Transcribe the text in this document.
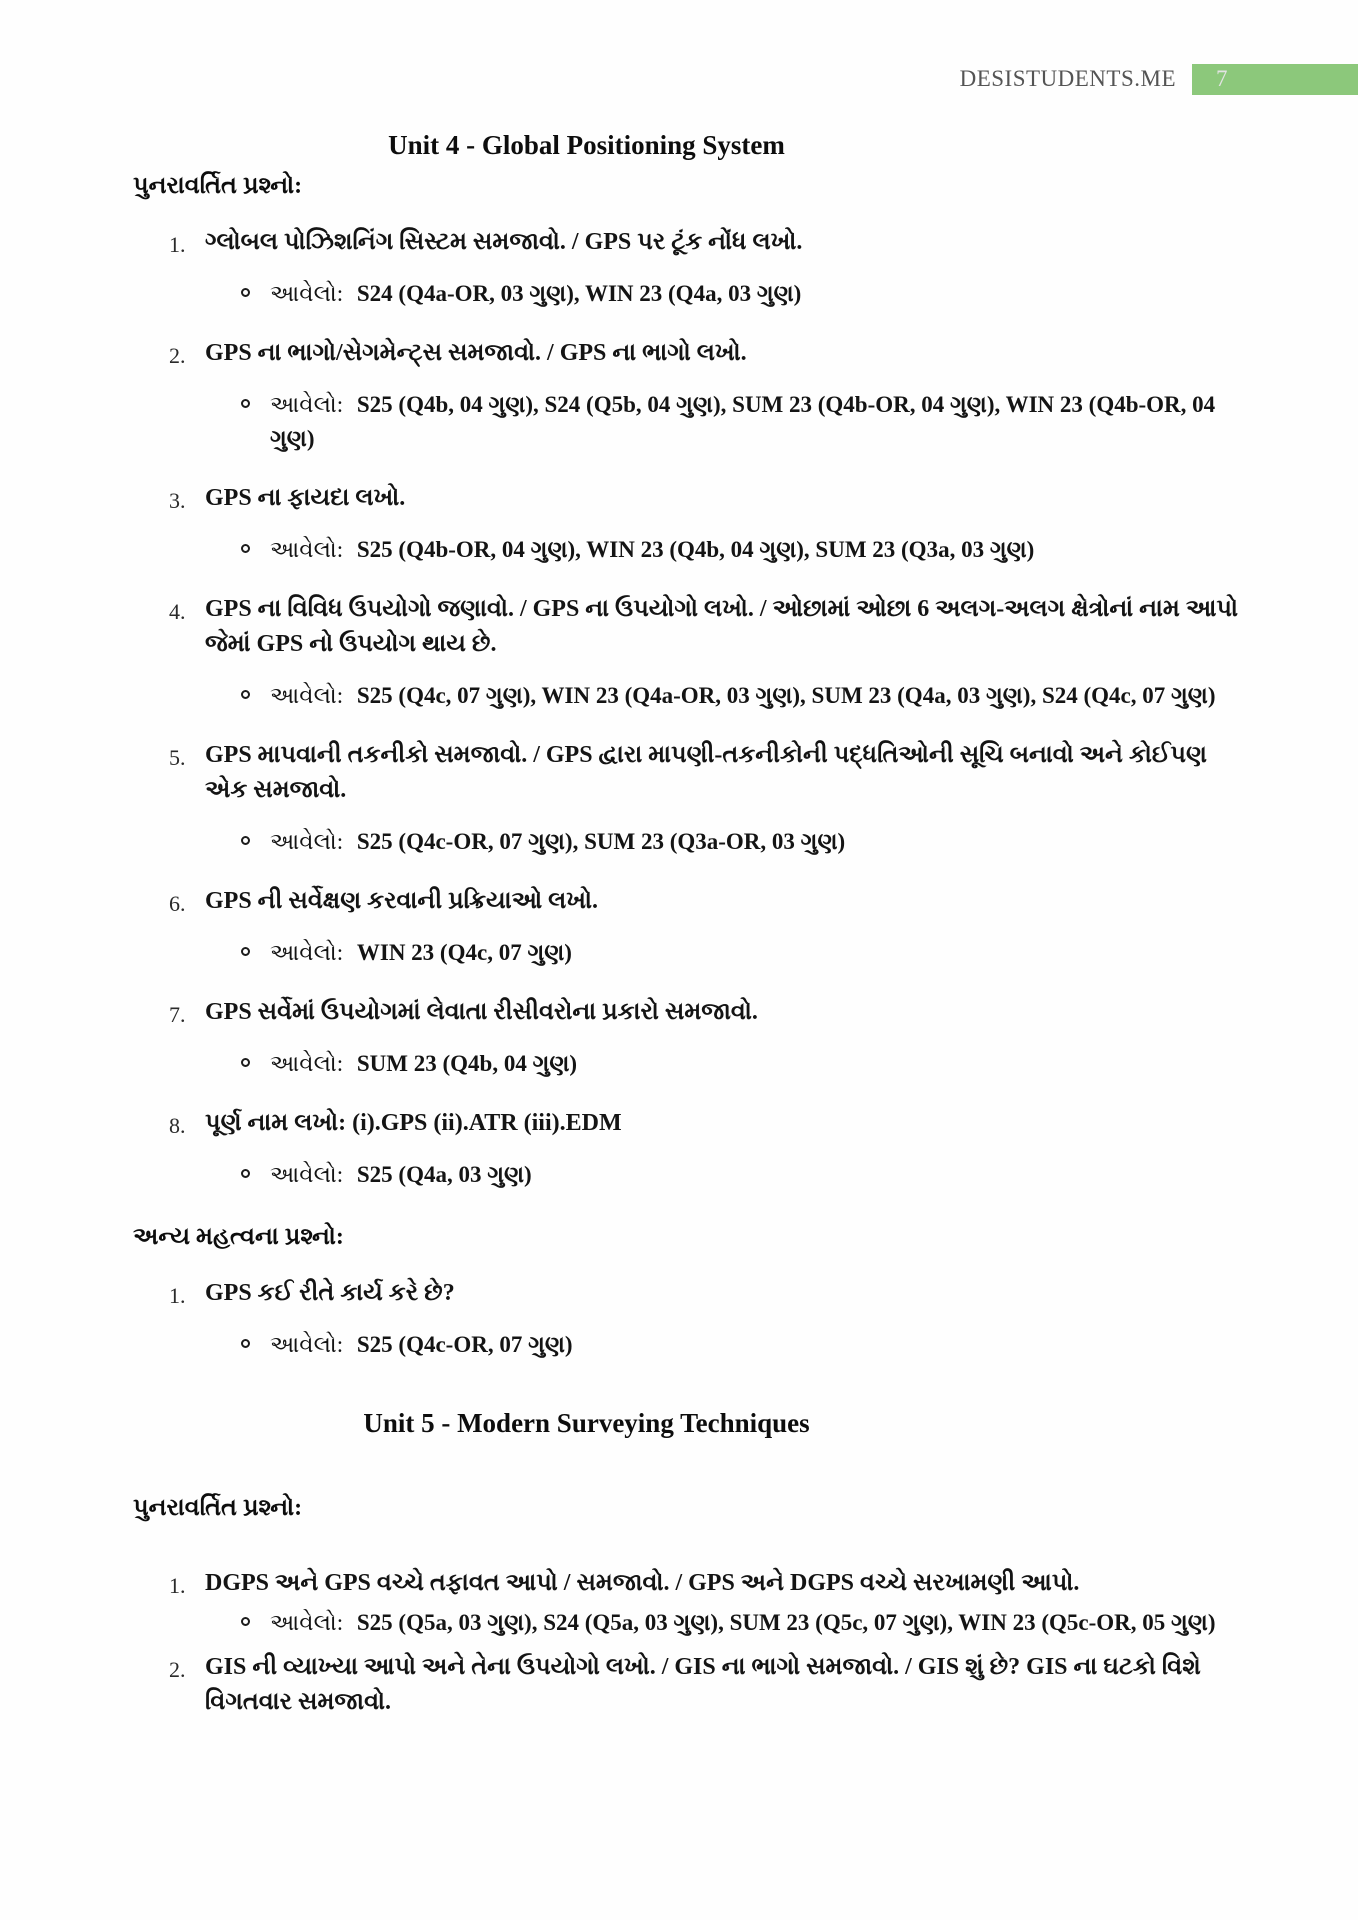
DESISTUDENTS.ME	7
Unit 4 - Global Positioning System
પુનરાવર્તિત પ્રશ્નો:
1. ગ્લોબલ પોઝિશનિંગ સિસ્ટમ સમજાવો. / GPS પર ટૂંક નોંધ લખો.
આવેલો: S24 (Q4a-OR, 03 ગુણ), WIN 23 (Q4a, 03 ગુણ)
2. GPS ના ભાગો/સેગમેન્ટ્સ સમજાવો. / GPS ના ભાગો લખો.
આવેલો: S25 (Q4b, 04 ગુણ), S24 (Q5b, 04 ગુણ), SUM 23 (Q4b-OR, 04 ગુણ), WIN 23 (Q4b-OR, 04 ગુણ)
3. GPS ના ફાયદા લખો.
આવેલો: S25 (Q4b-OR, 04 ગુણ), WIN 23 (Q4b, 04 ગુણ), SUM 23 (Q3a, 03 ગુણ)
4. GPS ના વિવિધ ઉપયોગો જણાવો. / GPS ના ઉપયોગો લખો. / ઓછામાં ઓછા 6 અલગ-અલગ ક્ષેત્રોનાં નામ આપો જેમાં GPS નો ઉપયોગ થાય છે.
આવેલો: S25 (Q4c, 07 ગુણ), WIN 23 (Q4a-OR, 03 ગુણ), SUM 23 (Q4a, 03 ગુણ), S24 (Q4c, 07 ગુણ)
5. GPS માપવાની તકનીકો સમજાવો. / GPS દ્વારા માપણી-તકનીકોની પદ્ધતિઓની સૂચિ બનાવો અને કોઈપણ એક સમજાવો.
આવેલો: S25 (Q4c-OR, 07 ગુણ), SUM 23 (Q3a-OR, 03 ગુણ)
6. GPS ની સર્વેક્ષણ કરવાની પ્રક્રિયાઓ લખો.
આવેલો: WIN 23 (Q4c, 07 ગુણ)
7. GPS સર્વેમાં ઉપયોગમાં લેવાતા રીસીવરોના પ્રકારો સમજાવો.
આવેલો: SUM 23 (Q4b, 04 ગુણ)
8. પૂર્ણ નામ લખો: (i).GPS (ii).ATR (iii).EDM
આવેલો: S25 (Q4a, 03 ગુણ)
અન્ય મહત્વના પ્રશ્નો:
1. GPS કઈ રીતે કાર્ય કરે છે?
આવેલો: S25 (Q4c-OR, 07 ગુણ)
Unit 5 - Modern Surveying Techniques
પુનરાવર્તિત પ્રશ્નો:
1. DGPS અને GPS વચ્ચે તફાવત આપો / સમજાવો. / GPS અને DGPS વચ્ચે સરખામણી આપો.
આવેલો: S25 (Q5a, 03 ગુણ), S24 (Q5a, 03 ગુણ), SUM 23 (Q5c, 07 ગુણ), WIN 23 (Q5c-OR, 05 ગુણ)
2. GIS ની વ્યાખ્યા આપો અને તેના ઉપયોગો લખો. / GIS ના ભાગો સમજાવો. / GIS શું છે? GIS ના ઘટકો વિશે વિગતવાર સમજાવો.
